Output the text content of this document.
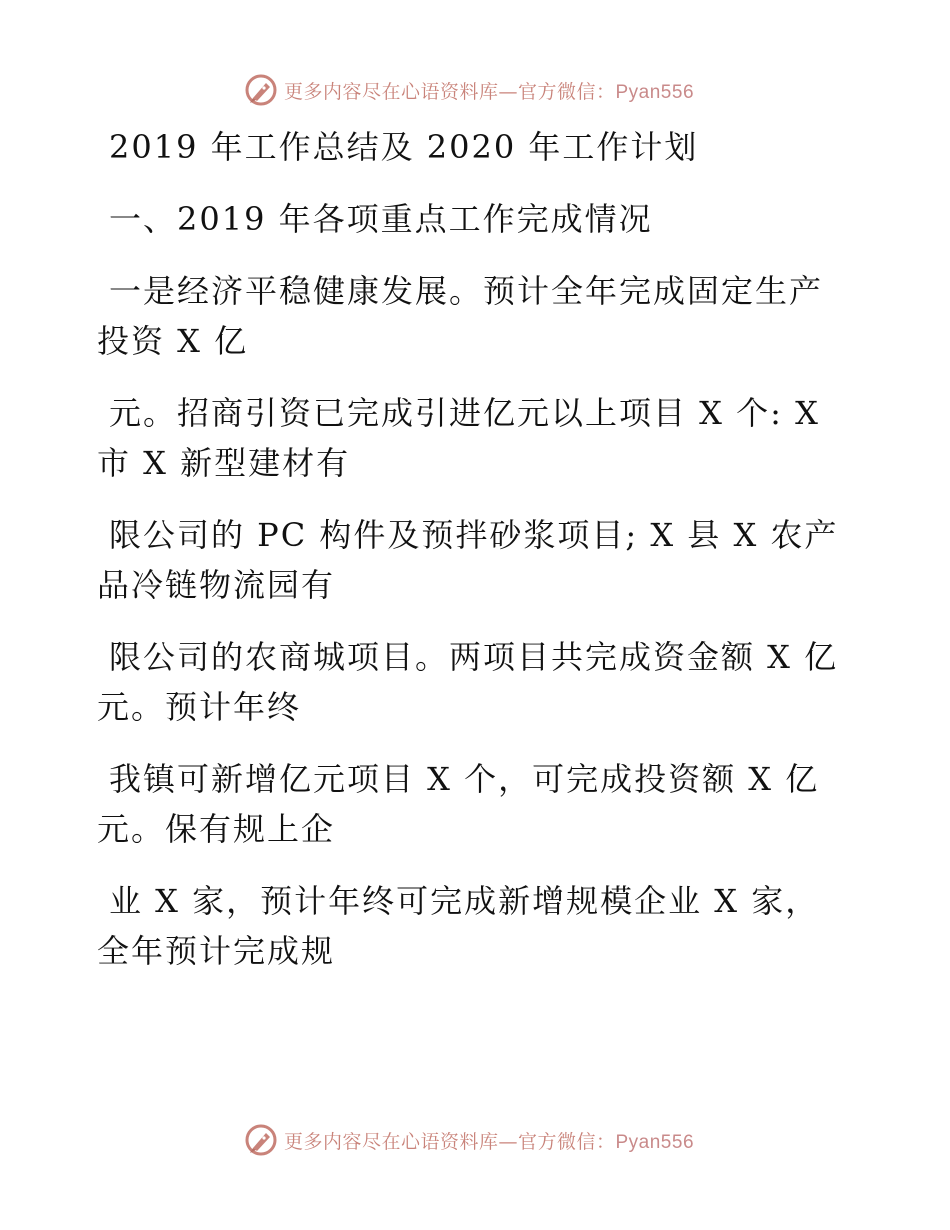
更多内容尽在心语资料库—官方微信：Pyan556

2019 年工作总结及 2020 年工作计划

一、2019 年各项重点工作完成情况

一是经济平稳健康发展。预计全年完成固定生产

投资 X 亿

元。招商引资已完成引进亿元以上项目 X 个: X

市 X 新型建材有

限公司的 PC 构件及预拌砂浆项目; X 县 X 农产

品冷链物流园有

限公司的农商城项目。两项目共完成资金额 X 亿

元。预计年终

我镇可新增亿元项目 X 个，可完成投资额 X 亿

元。保有规上企

业 X 家，预计年终可完成新增规模企业 X 家，

全年预计完成规

更多内容尽在心语资料库—官方微信：Pyan556
